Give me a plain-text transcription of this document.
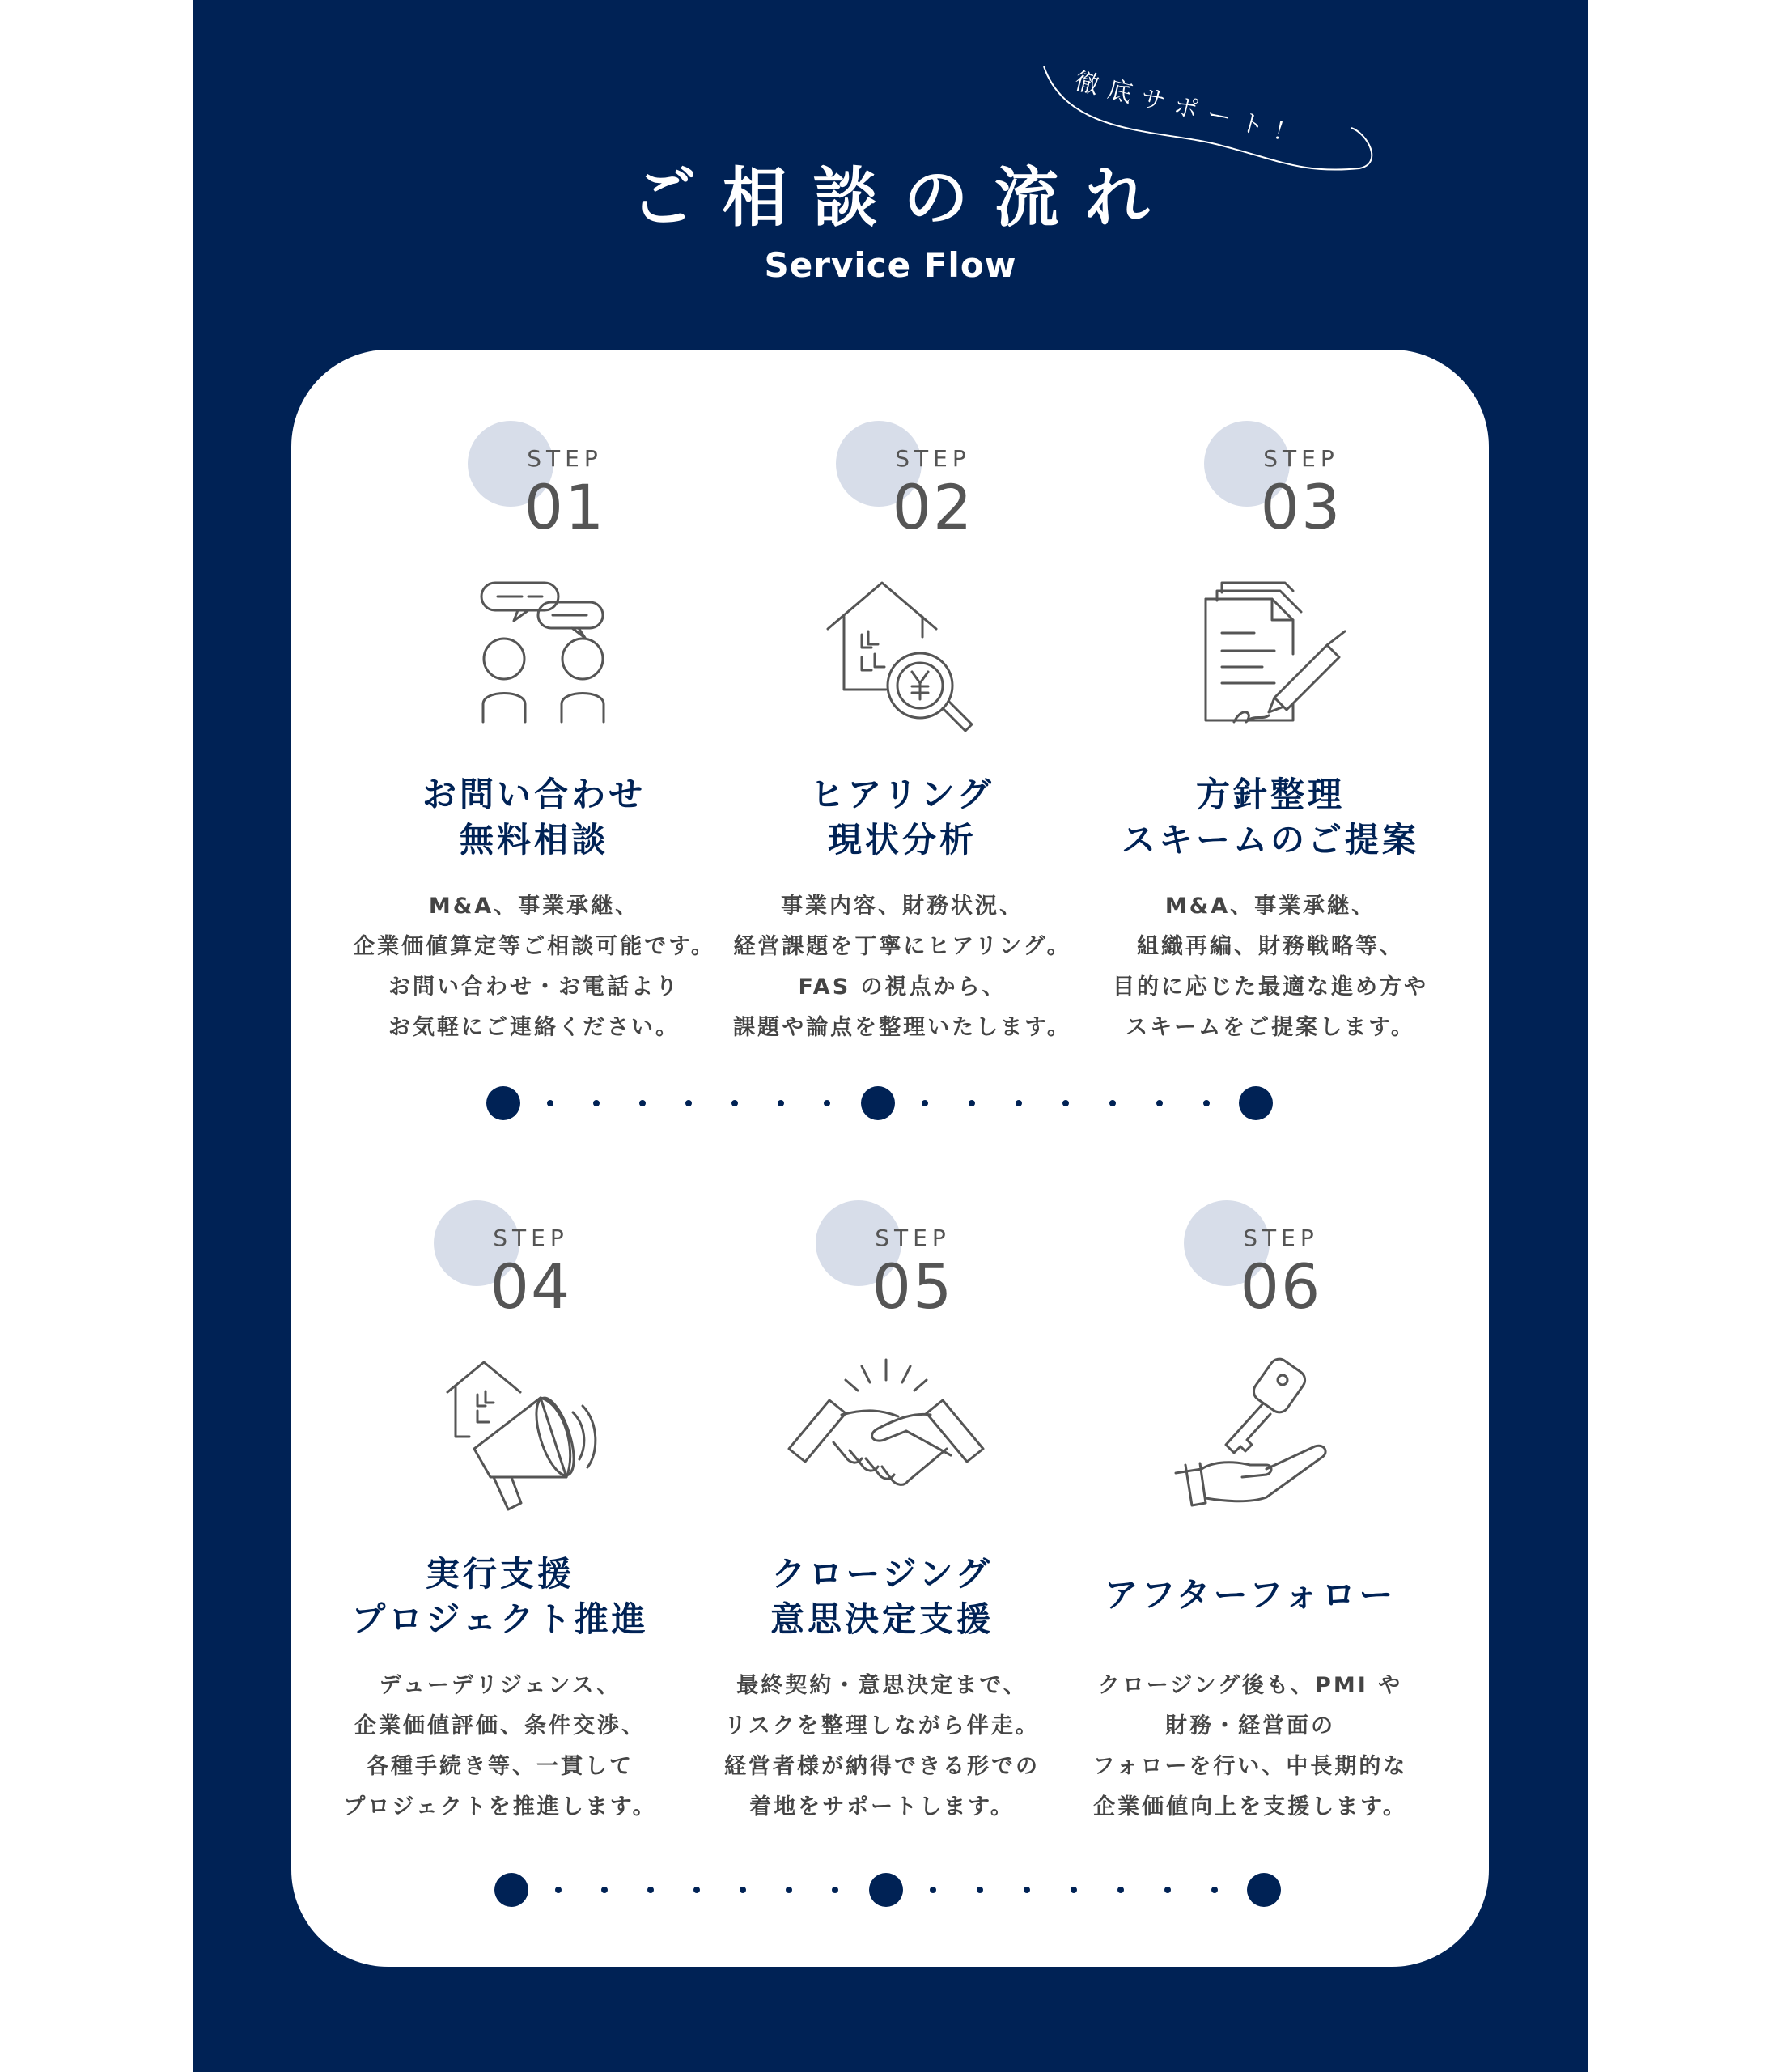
徹底サポート！
ご相談の流れ
Service Flow
STEP
01
お問い合わせ
無料相談
M&A、事業承継、
企業価値算定等ご相談可能です。
お問い合わせ・お電話より
お気軽にご連絡ください。
STEP
02
ヒアリング
現状分析
事業内容、財務状況、
経営課題を丁寧にヒアリング。
FAS の視点から、
課題や論点を整理いたします。
STEP
03
方針整理
スキームのご提案
M&A、事業承継、
組織再編、財務戦略等、
目的に応じた最適な進め方や
スキームをご提案します。
STEP
04
実行支援
プロジェクト推進
デューデリジェンス、
企業価値評価、条件交渉、
各種手続き等、一貫して
プロジェクトを推進します。
STEP
05
クロージング
意思決定支援
最終契約・意思決定まで、
リスクを整理しながら伴走。
経営者様が納得できる形での
着地をサポートします。
STEP
06
アフターフォロー
クロージング後も、PMI や
財務・経営面の
フォローを行い、中長期的な
企業価値向上を支援します。
